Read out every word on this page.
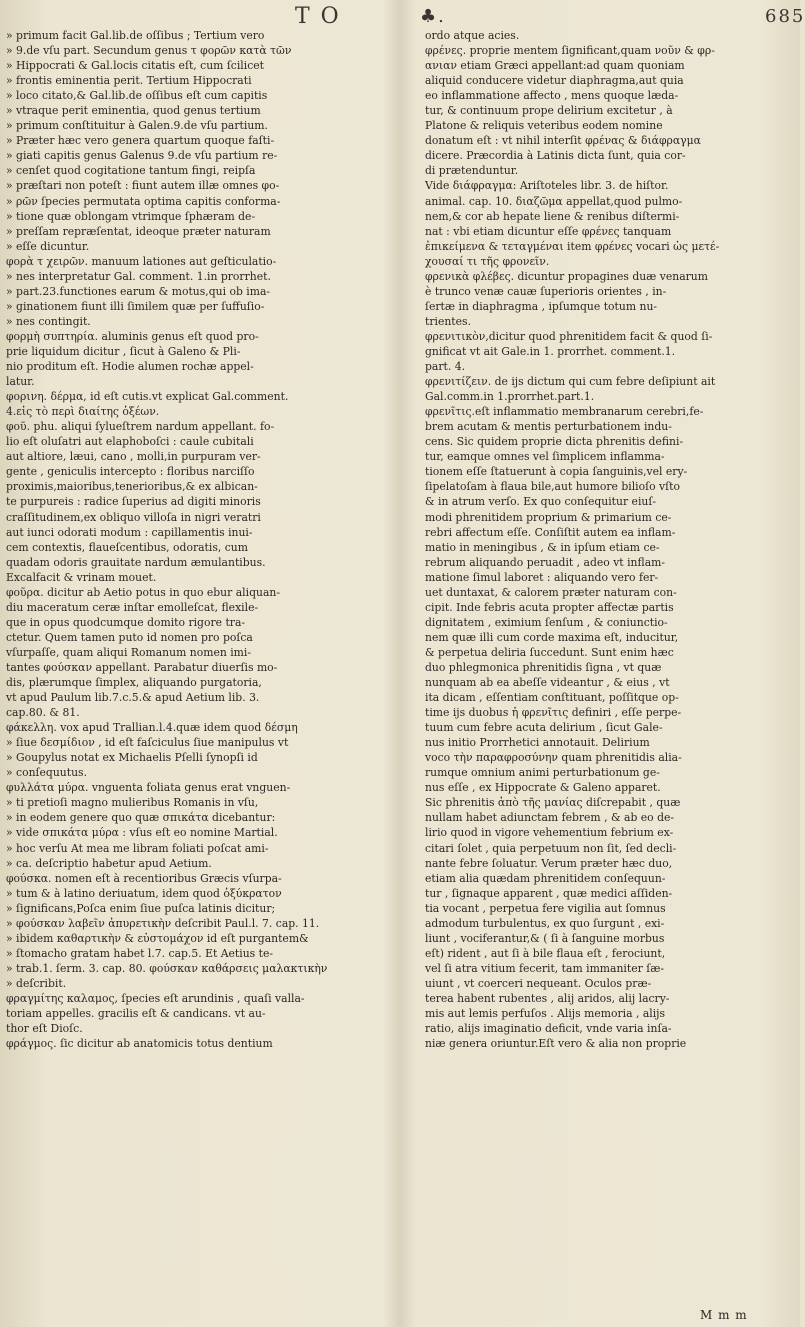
T O	♣.	685

» primum facit Gal.lib.de oſſibus ; Tertium vero

» 9.de vſu part. Secundum genus τ φορῶν κατὰ τῶν

» Hippocrati & Gal.locis citatis eſt, cum ſcilicet

» frontis eminentia perit. Tertium Hippocrati

» loco citato,& Gal.lib.de oſſibus eſt cum capitis

» vtraque perit eminentia, quod genus tertium

» primum conſtituitur à Galen.9.de vſu partium.

» Præter hæc vero genera quartum quoque faſti-

» giati capitis genus Galenus 9.de vſu partium re-

» cenſet quod cogitatione tantum fingi, reipſa

» præſtari non poteſt : fiunt autem illæ omnes φο-

» ρῶν ſpecies permutata optima capitis conforma-

» tione quæ oblongam vtrimque ſphæram de-

» preſſam repræſentat, ideoque præter naturam

» eſſe dicuntur.

φορὰ τ χειρῶν. manuum lationes aut geſticulatio-

» nes interpretatur Gal. comment. 1.in prorrhet.

» part.23.functiones earum & motus,qui ob ima-

» ginationem fiunt illi ſimilem quæ per ſuffuſio-

» nes contingit.

φορμὴ συπτηρία. aluminis genus eſt quod pro-

prie liquidum dicitur , ſicut à Galeno & Pli-

nio proditum eſt. Hodie alumen rochæ appel-

latur.

φορινη. δέρμα, id eſt cutis.vt explicat Gal.comment.

4.εἰς τὸ περὶ διαίτης ὀξέων.

φοῦ. phu. aliqui ſylueſtrem nardum appellant. fo-

lio eſt oluſatri aut elaphoboſci : caule cubitali

aut altiore, læui, cano , molli,in purpuram ver-

gente , geniculis intercepto : floribus narciſſo

proximis,maioribus,tenerioribus,& ex albican-

te purpureis : radice ſuperius ad digiti minoris

craſſitudinem,ex obliquo villoſa in nigri veratri

aut iunci odorati modum : capillamentis inui-

cem contextis, flaueſcentibus, odoratis, cum

quadam odoris grauitate nardum æmulantibus.

Excalfacit & vrinam mouet.

φοῦρα. dicitur ab Aetio potus in quo ebur aliquan-

diu maceratum ceræ inſtar emolleſcat, flexile-

que in opus quodcumque domito rigore tra-

ctetur. Quem tamen puto id nomen pro poſca

vſurpaſſe, quam aliqui Romanum nomen imi-

tantes φούσκαν appellant. Parabatur diuerſis mo-

dis, plærumque ſimplex, aliquando purgatoria,

vt apud Paulum lib.7.c.5.& apud Aetium lib. 3.

cap.80. & 81.

φάκελλη. vox apud Trallian.l.4.quæ idem quod δέσμη

» ſiue δεσμίδιον , id eſt faſciculus ſiue manipulus vt

» Goupylus notat ex Michaelis Pſelli ſynopſi id

» conſequutus.

φυλλάτα μύρα. vnguenta foliata genus erat vnguen-

» ti pretioſi magno mulieribus Romanis in vſu,

» in eodem genere quo quæ σπικάτα dicebantur:

» vide σπικάτα μύρα : vſus eſt eo nomine Martial.

» hoc verſu At mea me libram foliati poſcat ami-

» ca. deſcriptio habetur apud Aetium.

φούσκα. nomen eſt à recentioribus Græcis vſurpa-

» tum & à latino deriuatum, idem quod ὀξύκρατον

» ſignificans,Poſca enim ſiue puſca latinis dicitur;

» φούσκαν λαβεῖν ἀπυρετικὴν deſcribit Paul.l. 7. cap. 11.

» ibidem καθαρτικὴν & εὐστομάχον id eſt purgantem&

» ſtomacho gratam habet l.7. cap.5. Et Aetius te-

» trab.1. ſerm. 3. cap. 80. φούσκαν καθάρσεις μαλακτικὴν

» deſcribit.

φραγμίτης καλαμος, ſpecies eſt arundinis , quaſi valla-

toriam appelles. gracilis eſt & candicans. vt au-

thor eſt Dioſc.

φράγμος. ſic dicitur ab anatomicis totus dentium

ordo atque acies.

φρένες. proprie mentem ſignificant,quam νοῦν & φρ-

ανιαν etiam Græci appellant:ad quam quoniam

aliquid conducere videtur diaphragma,aut quia

eo inflammatione affecto , mens quoque læda-

tur, & continuum prope delirium excitetur , à

Platone & reliquis veteribus eodem nomine

donatum eſt : vt nihil interſit φρένας & διάφραγμα

dicere. Præcordia à Latinis dicta ſunt, quia cor-

di prætenduntur.

Vide διάφραγμα: Ariſtoteles libr. 3. de hiſtor.

animal. cap. 10. διαζῶμα appellat,quod pulmo-

nem,& cor ab hepate liene & renibus diſtermi-

nat : vbi etiam dicuntur eſſe φρένες tanquam

ἐπικείμενα & τεταγμέναι item φρένες vocari ὡς μετέ-

χουσαί τι τῆς φρονεῖν.

φρενικὰ φλέβες. dicuntur propagines duæ venarum

è trunco venæ cauæ ſuperioris orientes , in-

ſertæ in diaphragma , ipſumque totum nu-

trientes.

φρενιτικὸν,dicitur quod phrenitidem facit & quod ſi-

gnificat vt ait Gale.in 1. prorrhet. comment.1.

part. 4.

φρενιτίζειν. de ijs dictum qui cum febre deſipiunt ait

Gal.comm.in 1.prorrhet.part.1.

φρενῖτις.eſt inflammatio membranarum cerebri,fe-

brem acutam & mentis perturbationem indu-

cens. Sic quidem proprie dicta phrenitis defini-

tur, eamque omnes vel ſimplicem inflamma-

tionem eſſe ſtatuerunt à copia ſanguinis,vel ery-

ſipelatoſam à flaua bile,aut humore bilioſo vſto

& in atrum verſo. Ex quo conſequitur eiuſ-

modi phrenitidem proprium & primarium ce-

rebri affectum eſſe. Conſiſtit autem ea inflam-

matio in meningibus , & in ipſum etiam ce-

rebrum aliquando peruadit , adeo vt inflam-

matione ſimul laboret : aliquando vero fer-

uet duntaxat, & calorem præter naturam con-

cipit. Inde febris acuta propter affectæ partis

dignitatem , eximium ſenſum , & coniunctio-

nem quæ illi cum corde maxima eſt, inducitur,

& perpetua deliria ſuccedunt. Sunt enim hæc

duo phlegmonica phrenitidis ſigna , vt quæ

nunquam ab ea abeſſe videantur , & eius , vt

ita dicam , eſſentiam conſtituant, poſſitque op-

time ijs duobus ἡ φρενῖτις definiri , eſſe perpe-

tuum cum febre acuta delirium , ſicut Gale-

nus initio Prorrhetici annotauit. Delirium

voco τὴν παραφροσύνην quam phrenitidis alia-

rumque omnium animi perturbationum ge-

nus eſſe , ex Hippocrate & Galeno apparet.

Sic phrenitis ἀπὸ τῆς μανίας diſcrepabit , quæ

nullam habet adiunctam febrem , & ab eo de-

lirio quod in vigore vehementium febrium ex-

citari ſolet , quia perpetuum non ſit, ſed decli-

nante febre ſoluatur. Verum præter hæc duo,

etiam alia quædam phrenitidem conſequun-

tur , ſignaque apparent , quæ medici aſſiden-

tia vocant , perpetua fere vigilia aut ſomnus

admodum turbulentus, ex quo ſurgunt , exi-

liunt , vociferantur,& ( ſi à ſanguine morbus

eſt) rident , aut ſi à bile flaua eſt , ferociunt,

vel ſi atra vitium fecerit, tam immaniter ſæ-

uiunt , vt coerceri nequeant. Oculos præ-

terea habent rubentes , alij aridos, alij lacry-

mis aut lemis perfuſos . Alijs memoria , alijs

ratio, alijs imaginatio deficit, vnde varia inſa-

niæ genera oriuntur.Eſt vero & alia non proprie

M m m
